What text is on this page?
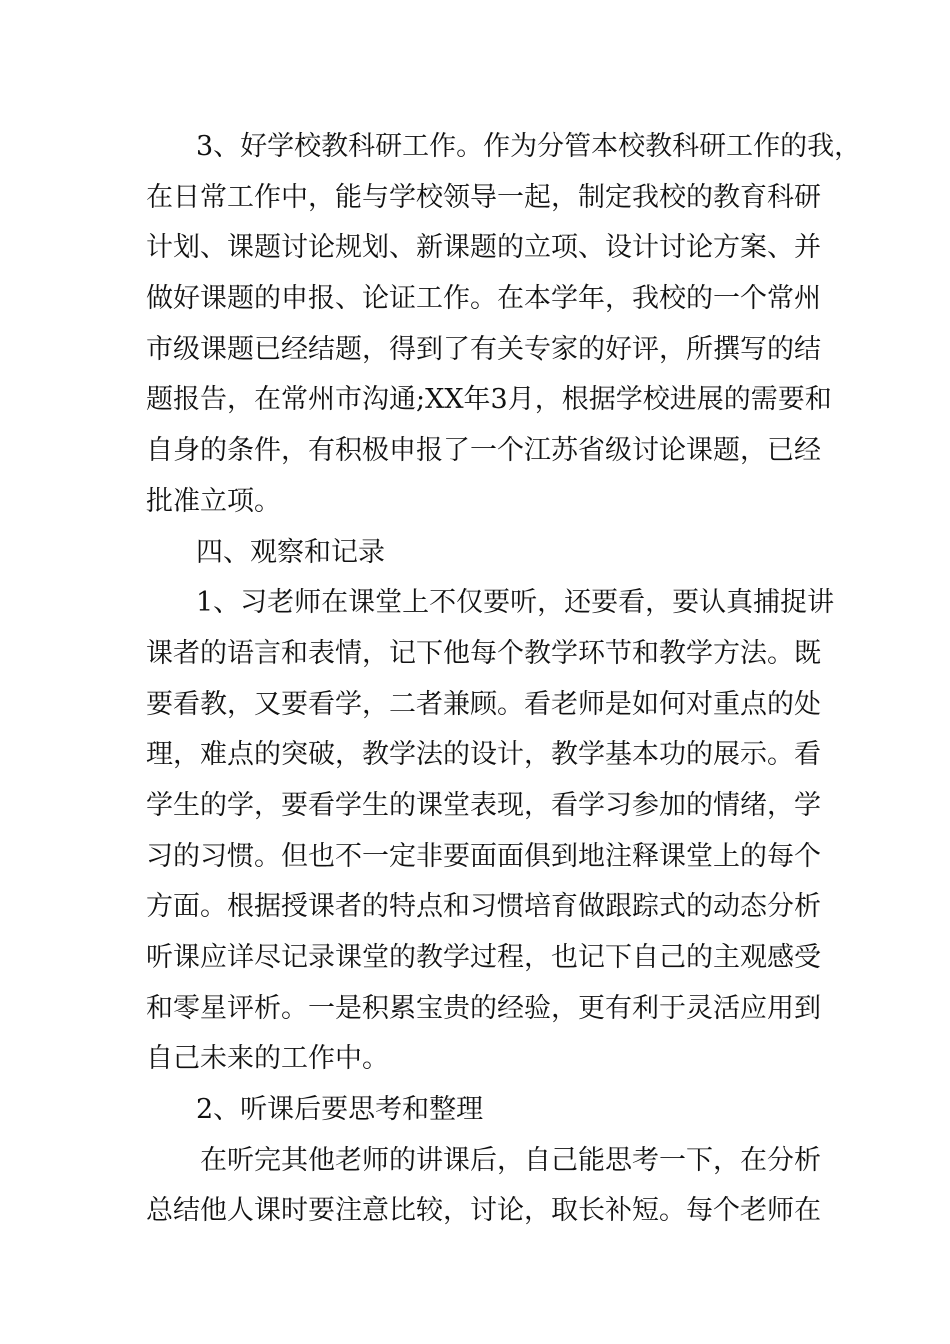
3、好学校教科研工作。作为分管本校教科研工作的我，
在日常工作中，能与学校领导一起，制定我校的教育科研
计划、课题讨论规划、新课题的立项、设计讨论方案、并
做好课题的申报、论证工作。在本学年，我校的一个常州
市级课题已经结题，得到了有关专家的好评，所撰写的结
题报告，在常州市沟通;XX年3月，根据学校进展的需要和
自身的条件，有积极申报了一个江苏省级讨论课题，已经
批准立项。
四、观察和记录
1、习老师在课堂上不仅要听，还要看，要认真捕捉讲
课者的语言和表情，记下他每个教学环节和教学方法。既
要看教，又要看学，二者兼顾。看老师是如何对重点的处
理，难点的突破，教学法的设计，教学基本功的展示。看
学生的学，要看学生的课堂表现，看学习参加的情绪，学
习的习惯。但也不一定非要面面俱到地注释课堂上的每个
方面。根据授课者的特点和习惯培育做跟踪式的动态分析
听课应详尽记录课堂的教学过程，也记下自己的主观感受
和零星评析。一是积累宝贵的经验，更有利于灵活应用到
自己未来的工作中。
2、听课后要思考和整理
在听完其他老师的讲课后，自己能思考一下，在分析
总结他人课时要注意比较，讨论，取长补短。每个老师在
